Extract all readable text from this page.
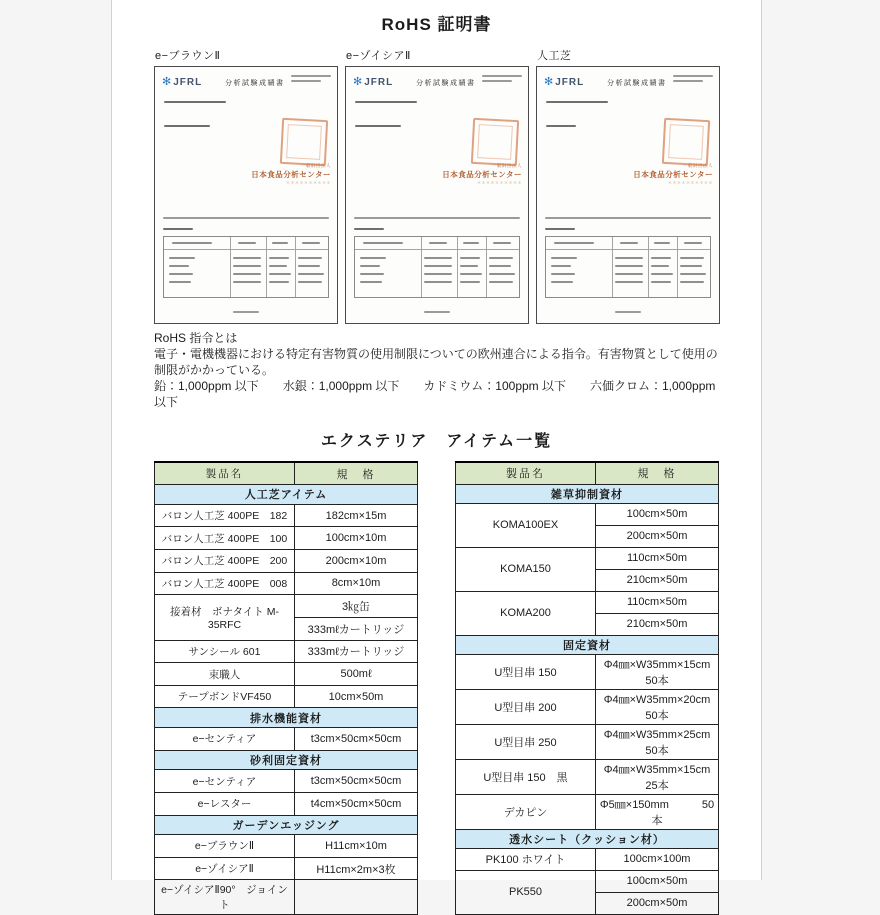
RoHS 証明書
e−ブラウンⅡ
✻JFRL	分析試験成績書
一般財団法人
日本食品分析センター
＊＊＊＊＊＊＊＊＊＊
e−ゾイシアⅡ
✻JFRL	分析試験成績書
一般財団法人
日本食品分析センター
＊＊＊＊＊＊＊＊＊＊
人工芝
✻JFRL	分析試験成績書
一般財団法人
日本食品分析センター
＊＊＊＊＊＊＊＊＊＊

RoHS 指令とは

電子・電機機器における特定有害物質の使用制限についての欧州連合による指令。有害物質として使用の制限がかかっている。

鉛：1,000ppm 以下　　水銀：1,000ppm 以下　　カドミウム：100ppm 以下　　六価クロム：1,000ppm 以下

エクステリア　アイテム一覧
製品名	規　格
人工芝アイテム	
バロン人工芝 400PE　182	182cm×15m
バロン人工芝 400PE　100	100cm×10m
バロン人工芝 400PE　200	200cm×10m
バロン人工芝 400PE　008	8cm×10m
接着材　ボナタイト M-35RFC	3㎏缶
	333mℓカートリッジ
サンシール 601	333mℓカートリッジ
束職人	500mℓ
テープボンドVF450	10cm×50m
排水機能資材	
e−センティア	t3cm×50cm×50cm
砂利固定資材	
e−センティア	t3cm×50cm×50cm
e−レスター	t4cm×50cm×50cm
ガーデンエッジング	
e−ブラウンⅡ	H11cm×10m
e−ゾイシアⅡ	H11cm×2m×3枚
e−ゾイシアⅡ90°　ジョイント	
製品名	規　格
雑草抑制資材	
KOMA100EX	100cm×50m
	200cm×50m
KOMA150	110cm×50m
	210cm×50m
KOMA200	110cm×50m
	210cm×50m
固定資材	
U型目串 150	Φ4㎜×W35mm×15cm　50本
U型目串 200	Φ4㎜×W35mm×20cm　50本
U型目串 250	Φ4㎜×W35mm×25cm　50本
U型目串 150　黒	Φ4㎜×W35mm×15cm　25本
デカピン	Φ5㎜×150mm　　　50本
透水シート（クッション材）	
PK100 ホワイト	100cm×100m
PK550	100cm×50m
	200cm×50m
